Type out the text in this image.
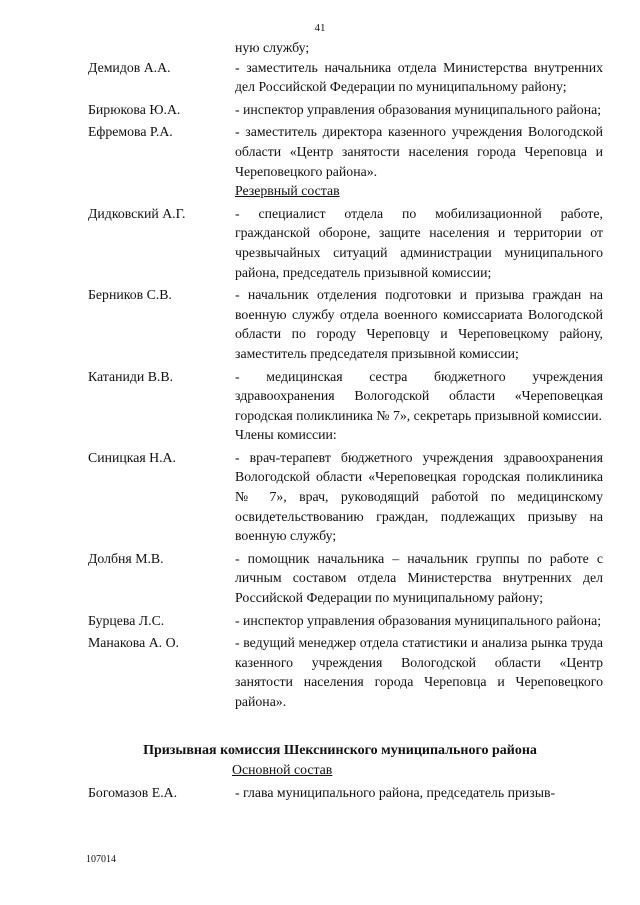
41
ную службу;
Демидов А.А.	- заместитель начальника отдела Министерства внутренних дел Российской Федерации по муниципальному району;
Бирюкова Ю.А.	- инспектор управления образования муниципального района;
Ефремова Р.А.	- заместитель директора казенного учреждения Вологодской области «Центр занятости населения города Череповца и Череповецкого района».
Резервный состав
Дидковский А.Г.	- специалист отдела по мобилизационной работе, гражданской обороне, защите населения и территории от чрезвычайных ситуаций администрации муниципального района, председатель призывной комиссии;
Берников С.В.	- начальник отделения подготовки и призыва граждан на военную службу отдела военного комиссариата Вологодской области по городу Череповцу и Череповецкому району, заместитель председателя призывной комиссии;
Катаниди В.В.	- медицинская сестра бюджетного учреждения здравоохранения Вологодской области «Череповецкая городская поликлиника № 7», секретарь призывной комиссии.
Члены комиссии:
Синицкая Н.А.	- врач-терапевт бюджетного учреждения здравоохранения Вологодской области «Череповецкая городская поликлиника № 7», врач, руководящий работой по медицинскому освидетельствованию граждан, подлежащих призыву на военную службу;
Долбня М.В.	- помощник начальника – начальник группы по работе с личным составом отдела Министерства внутренних дел Российской Федерации по муниципальному району;
Бурцева Л.С.	- инспектор управления образования муниципального района;
Манакова А. О.	- ведущий менеджер отдела статистики и анализа рынка труда казенного учреждения Вологодской области «Центр занятости населения города Череповца и Череповецкого района».
Призывная комиссия Шекснинского муниципального района
Основной состав
Богомазов Е.А.	- глава муниципального района, председатель призыв-
107014
